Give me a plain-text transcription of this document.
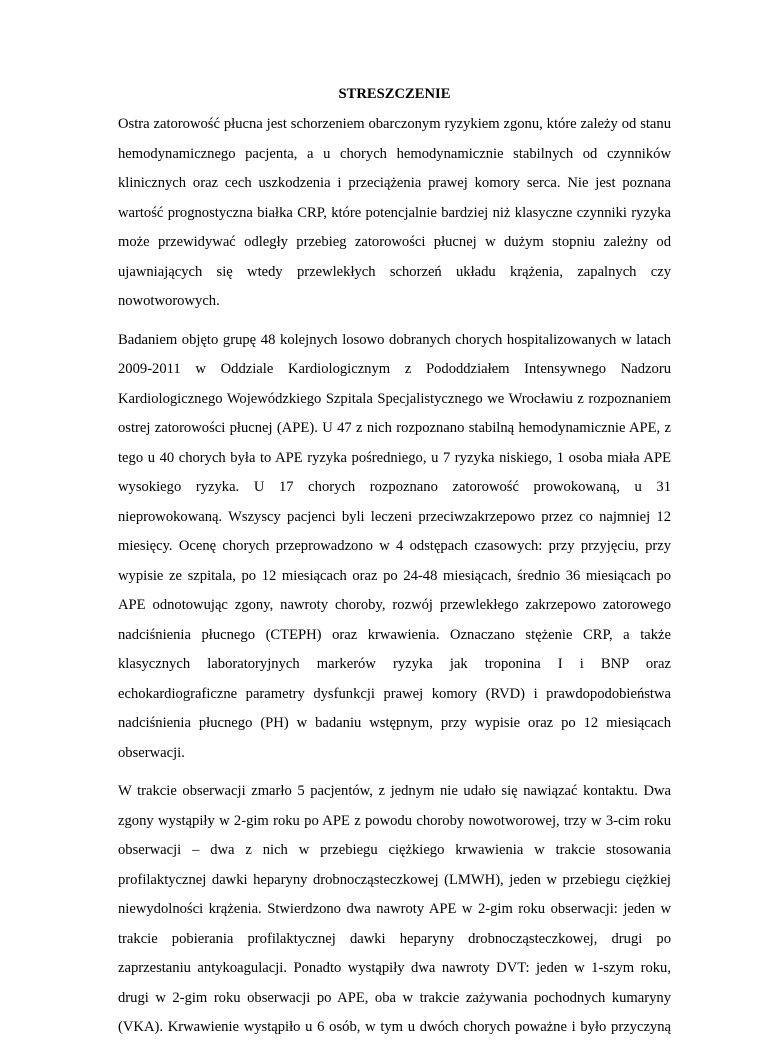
STRESZCZENIE
Ostra zatorowość płucna jest schorzeniem obarczonym ryzykiem zgonu, które zależy od stanu
hemodynamicznego pacjenta, a u chorych hemodynamicznie stabilnych od czynników
klinicznych oraz cech uszkodzenia i przeciążenia prawej komory serca. Nie jest poznana
wartość prognostyczna białka CRP, które potencjalnie bardziej niż klasyczne czynniki ryzyka
może przewidywać odległy przebieg zatorowości płucnej w dużym stopniu zależny od
ujawniających się wtedy przewlekłych schorzeń układu krążenia, zapalnych czy
nowotworowych.
Badaniem objęto grupę 48 kolejnych losowo dobranych chorych hospitalizowanych w latach
2009-2011 w Oddziale Kardiologicznym z Pododdziałem Intensywnego Nadzoru
Kardiologicznego Wojewódzkiego Szpitala Specjalistycznego we Wrocławiu z rozpoznaniem
ostrej zatorowości płucnej (APE). U 47 z nich rozpoznano stabilną hemodynamicznie APE, z
tego u 40 chorych była to APE ryzyka pośredniego, u 7 ryzyka niskiego, 1 osoba miała APE
wysokiego ryzyka. U 17 chorych rozpoznano zatorowość prowokowaną, u 31
nieprowokowaną. Wszyscy pacjenci byli leczeni przeciwzakrzepowo przez co najmniej 12
miesięcy. Ocenę chorych przeprowadzono w 4 odstępach czasowych: przy przyjęciu, przy
wypisie ze szpitala, po 12 miesiącach oraz po 24-48 miesiącach, średnio 36 miesiącach po
APE odnotowując zgony, nawroty choroby, rozwój przewlekłego zakrzepowo zatorowego
nadciśnienia płucnego (CTEPH) oraz krwawienia. Oznaczano stężenie CRP, a także
klasycznych laboratoryjnych markerów ryzyka jak troponina I i BNP oraz
echokardiograficzne parametry dysfunkcji prawej komory (RVD) i prawdopodobieństwa
nadciśnienia płucnego (PH) w badaniu wstępnym, przy wypisie oraz po 12 miesiącach
obserwacji.
W trakcie obserwacji zmarło 5 pacjentów, z jednym nie udało się nawiązać kontaktu. Dwa
zgony wystąpiły w 2-gim roku po APE z powodu choroby nowotworowej, trzy w 3-cim roku
obserwacji – dwa z nich w przebiegu ciężkiego krwawienia w trakcie stosowania
profilaktycznej dawki heparyny drobnocząsteczkowej (LMWH), jeden w przebiegu ciężkiej
niewydolności krążenia. Stwierdzono dwa nawroty APE w 2-gim roku obserwacji: jeden w
trakcie pobierania profilaktycznej dawki heparyny drobnocząsteczkowej, drugi po
zaprzestaniu antykoagulacji. Ponadto wystąpiły dwa nawroty DVT: jeden w 1-szym roku,
drugi w 2-gim roku obserwacji po APE, oba w trakcie zażywania pochodnych kumaryny
(VKA). Krwawienie wystąpiło u 6 osób, w tym u dwóch chorych poważne i było przyczyną
